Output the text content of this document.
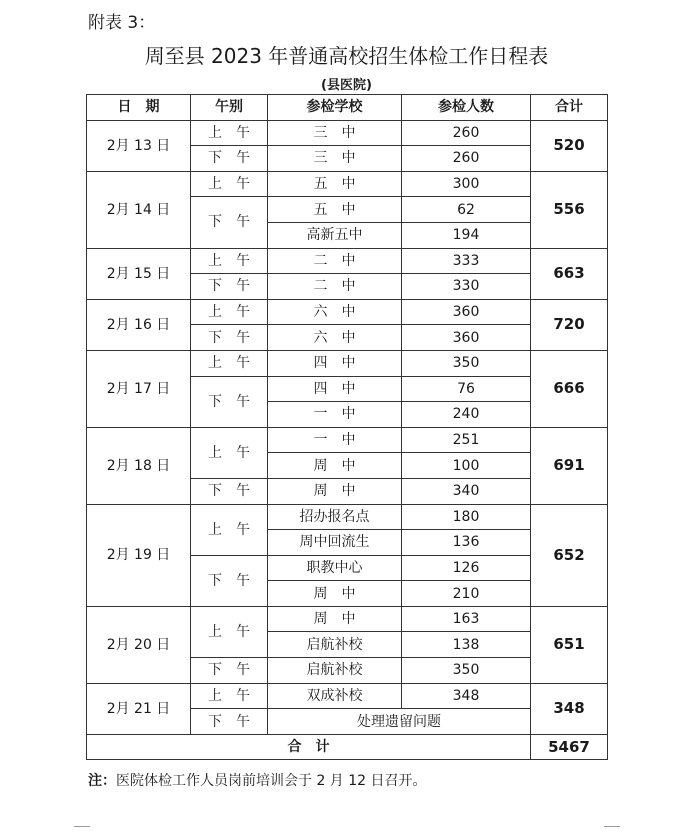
附表 3：
周至县 2023 年普通高校招生体检工作日程表
(县医院)
日　期	午别	参检学校	参检人数	合计
2月 13 日	上　午	三　中	260	520
	下　午	三　中	260	
2月 14 日	上　午	五　中	300	556
	下　午	五　中	62	
		高新五中	194	
2月 15 日	上　午	二　中	333	663
	下　午	二　中	330	
2月 16 日	上　午	六　中	360	720
	下　午	六　中	360	
2月 17 日	上　午	四　中	350	666
	下　午	四　中	76	
		一　中	240	
2月 18 日	上　午	一　中	251	691
		周　中	100	
	下　午	周　中	340	
2月 19 日	上　午	招办报名点	180	652
		周中回流生	136	
	下　午	职教中心	126	
		周　中	210	
2月 20 日	上　午	周　中	163	651
		启航补校	138	
	下　午	启航补校	350	
2月 21 日	上　午	双成补校	348	348
	下　午	处理遗留问题		
合　计				5467
注：医院体检工作人员岗前培训会于 2 月 12 日召开。
